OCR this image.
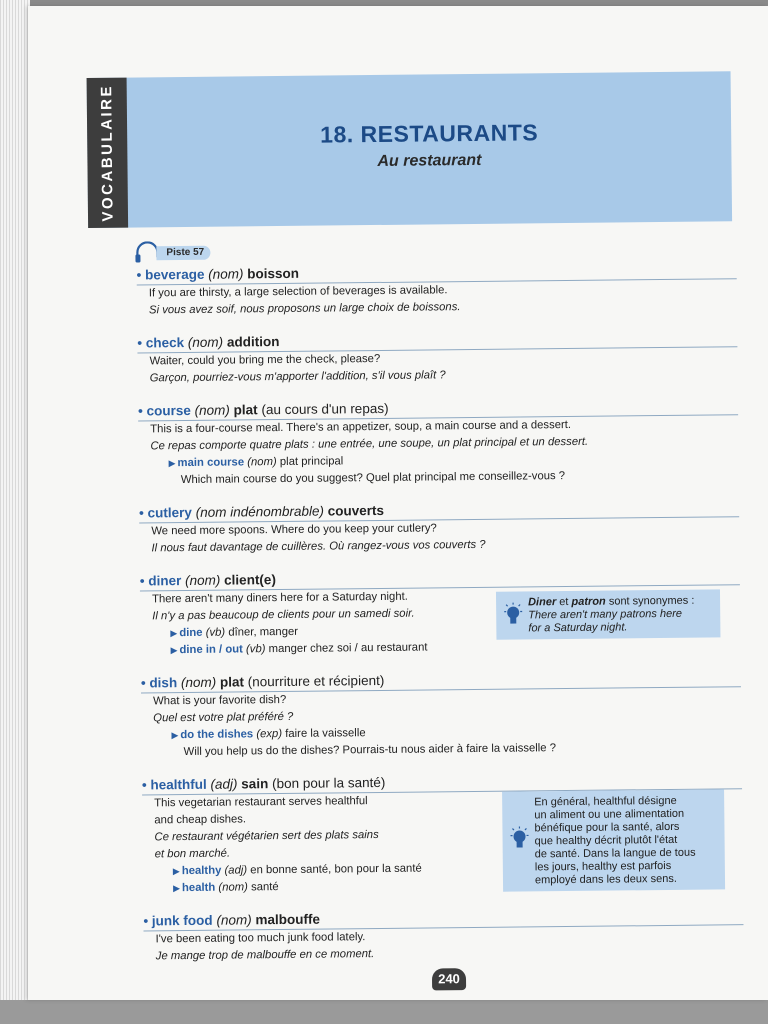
VOCABULAIRE	18. RESTAURANTS
Au restaurant
Piste 57
• beverage (nom) boisson
If you are thirsty, a large selection of beverages is available.
Si vous avez soif, nous proposons un large choix de boissons.
• check (nom) addition
Waiter, could you bring me the check, please?
Garçon, pourriez-vous m'apporter l'addition, s'il vous plaît ?
• course (nom) plat (au cours d'un repas)
This is a four-course meal. There's an appetizer, soup, a main course and a dessert.
Ce repas comporte quatre plats : une entrée, une soupe, un plat principal et un dessert.
▶ main course (nom) plat principal
Which main course do you suggest? Quel plat principal me conseillez-vous ?
• cutlery (nom indénombrable) couverts
We need more spoons. Where do you keep your cutlery?
Il nous faut davantage de cuillères. Où rangez-vous vos couverts ?
• diner (nom) client(e)
There aren't many diners here for a Saturday night.
Il n'y a pas beaucoup de clients pour un samedi soir.
▶ dine (vb) dîner, manger
▶ dine in / out (vb) manger chez soi / au restaurant
Diner et patron sont synonymes :
There aren't many patrons here
for a Saturday night.
• dish (nom) plat (nourriture et récipient)
What is your favorite dish?
Quel est votre plat préféré ?
▶ do the dishes (exp) faire la vaisselle
Will you help us do the dishes? Pourrais-tu nous aider à faire la vaisselle ?
• healthful (adj) sain (bon pour la santé)
This vegetarian restaurant serves healthful
and cheap dishes.
Ce restaurant végétarien sert des plats sains
et bon marché.
▶ healthy (adj) en bonne santé, bon pour la santé
▶ health (nom) santé
En général, healthful désigne
un aliment ou une alimentation
bénéfique pour la santé, alors
que healthy décrit plutôt l'état
de santé. Dans la langue de tous
les jours, healthy est parfois
employé dans les deux sens.
• junk food (nom) malbouffe
I've been eating too much junk food lately.
Je mange trop de malbouffe en ce moment.
240
